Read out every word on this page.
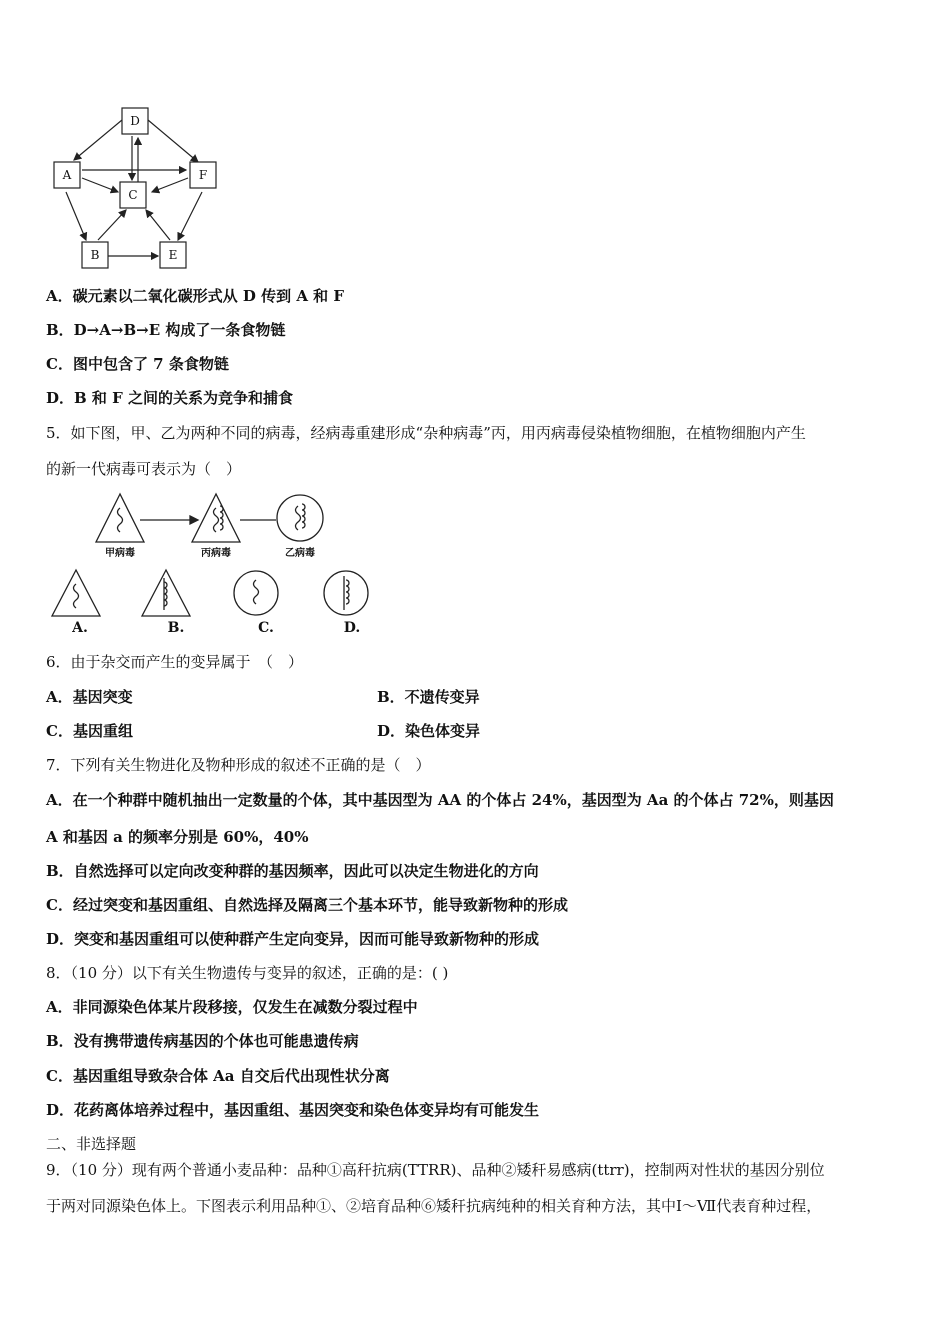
D
A
C
F
B	E
A．碳元素以二氧化碳形式从 D 传到 A 和 F
B．D→A→B→E 构成了一条食物链
C．图中包含了 7 条食物链
D．B 和 F 之间的关系为竞争和捕食
5．如下图，甲、乙为两种不同的病毒，经病毒重建形成“杂种病毒”丙，用丙病毒侵染植物细胞，在植物细胞内产生
的新一代病毒可表示为（　）
甲病毒	丙病毒	乙病毒
A.	B.	C.	D.
6．由于杂交而产生的变异属于　（　）
A．基因突变	B．不遗传变异
C．基因重组	D．染色体变异
7．下列有关生物进化及物种形成的叙述不正确的是（　）
A．在一个种群中随机抽出一定数量的个体，其中基因型为 AA 的个体占 24%，基因型为 Aa 的个体占 72%，则基因
A 和基因 a 的频率分别是 60%，40%
B．自然选择可以定向改变种群的基因频率，因此可以决定生物进化的方向
C．经过突变和基因重组、自然选择及隔离三个基本环节，能导致新物种的形成
D．突变和基因重组可以使种群产生定向变异，因而可能导致新物种的形成
8．（10 分）以下有关生物遗传与变异的叙述，正确的是：( )
A．非同源染色体某片段移接，仅发生在减数分裂过程中
B．没有携带遗传病基因的个体也可能患遗传病
C．基因重组导致杂合体 Aa 自交后代出现性状分离
D．花药离体培养过程中，基因重组、基因突变和染色体变异均有可能发生
二、非选择题
9．（10 分）现有两个普通小麦品种：品种①高秆抗病(TTRR)、品种②矮秆易感病(ttrr)，控制两对性状的基因分别位
于两对同源染色体上。下图表示利用品种①、②培育品种⑥矮秆抗病纯种的相关育种方法，其中Ⅰ～Ⅶ代表育种过程，
